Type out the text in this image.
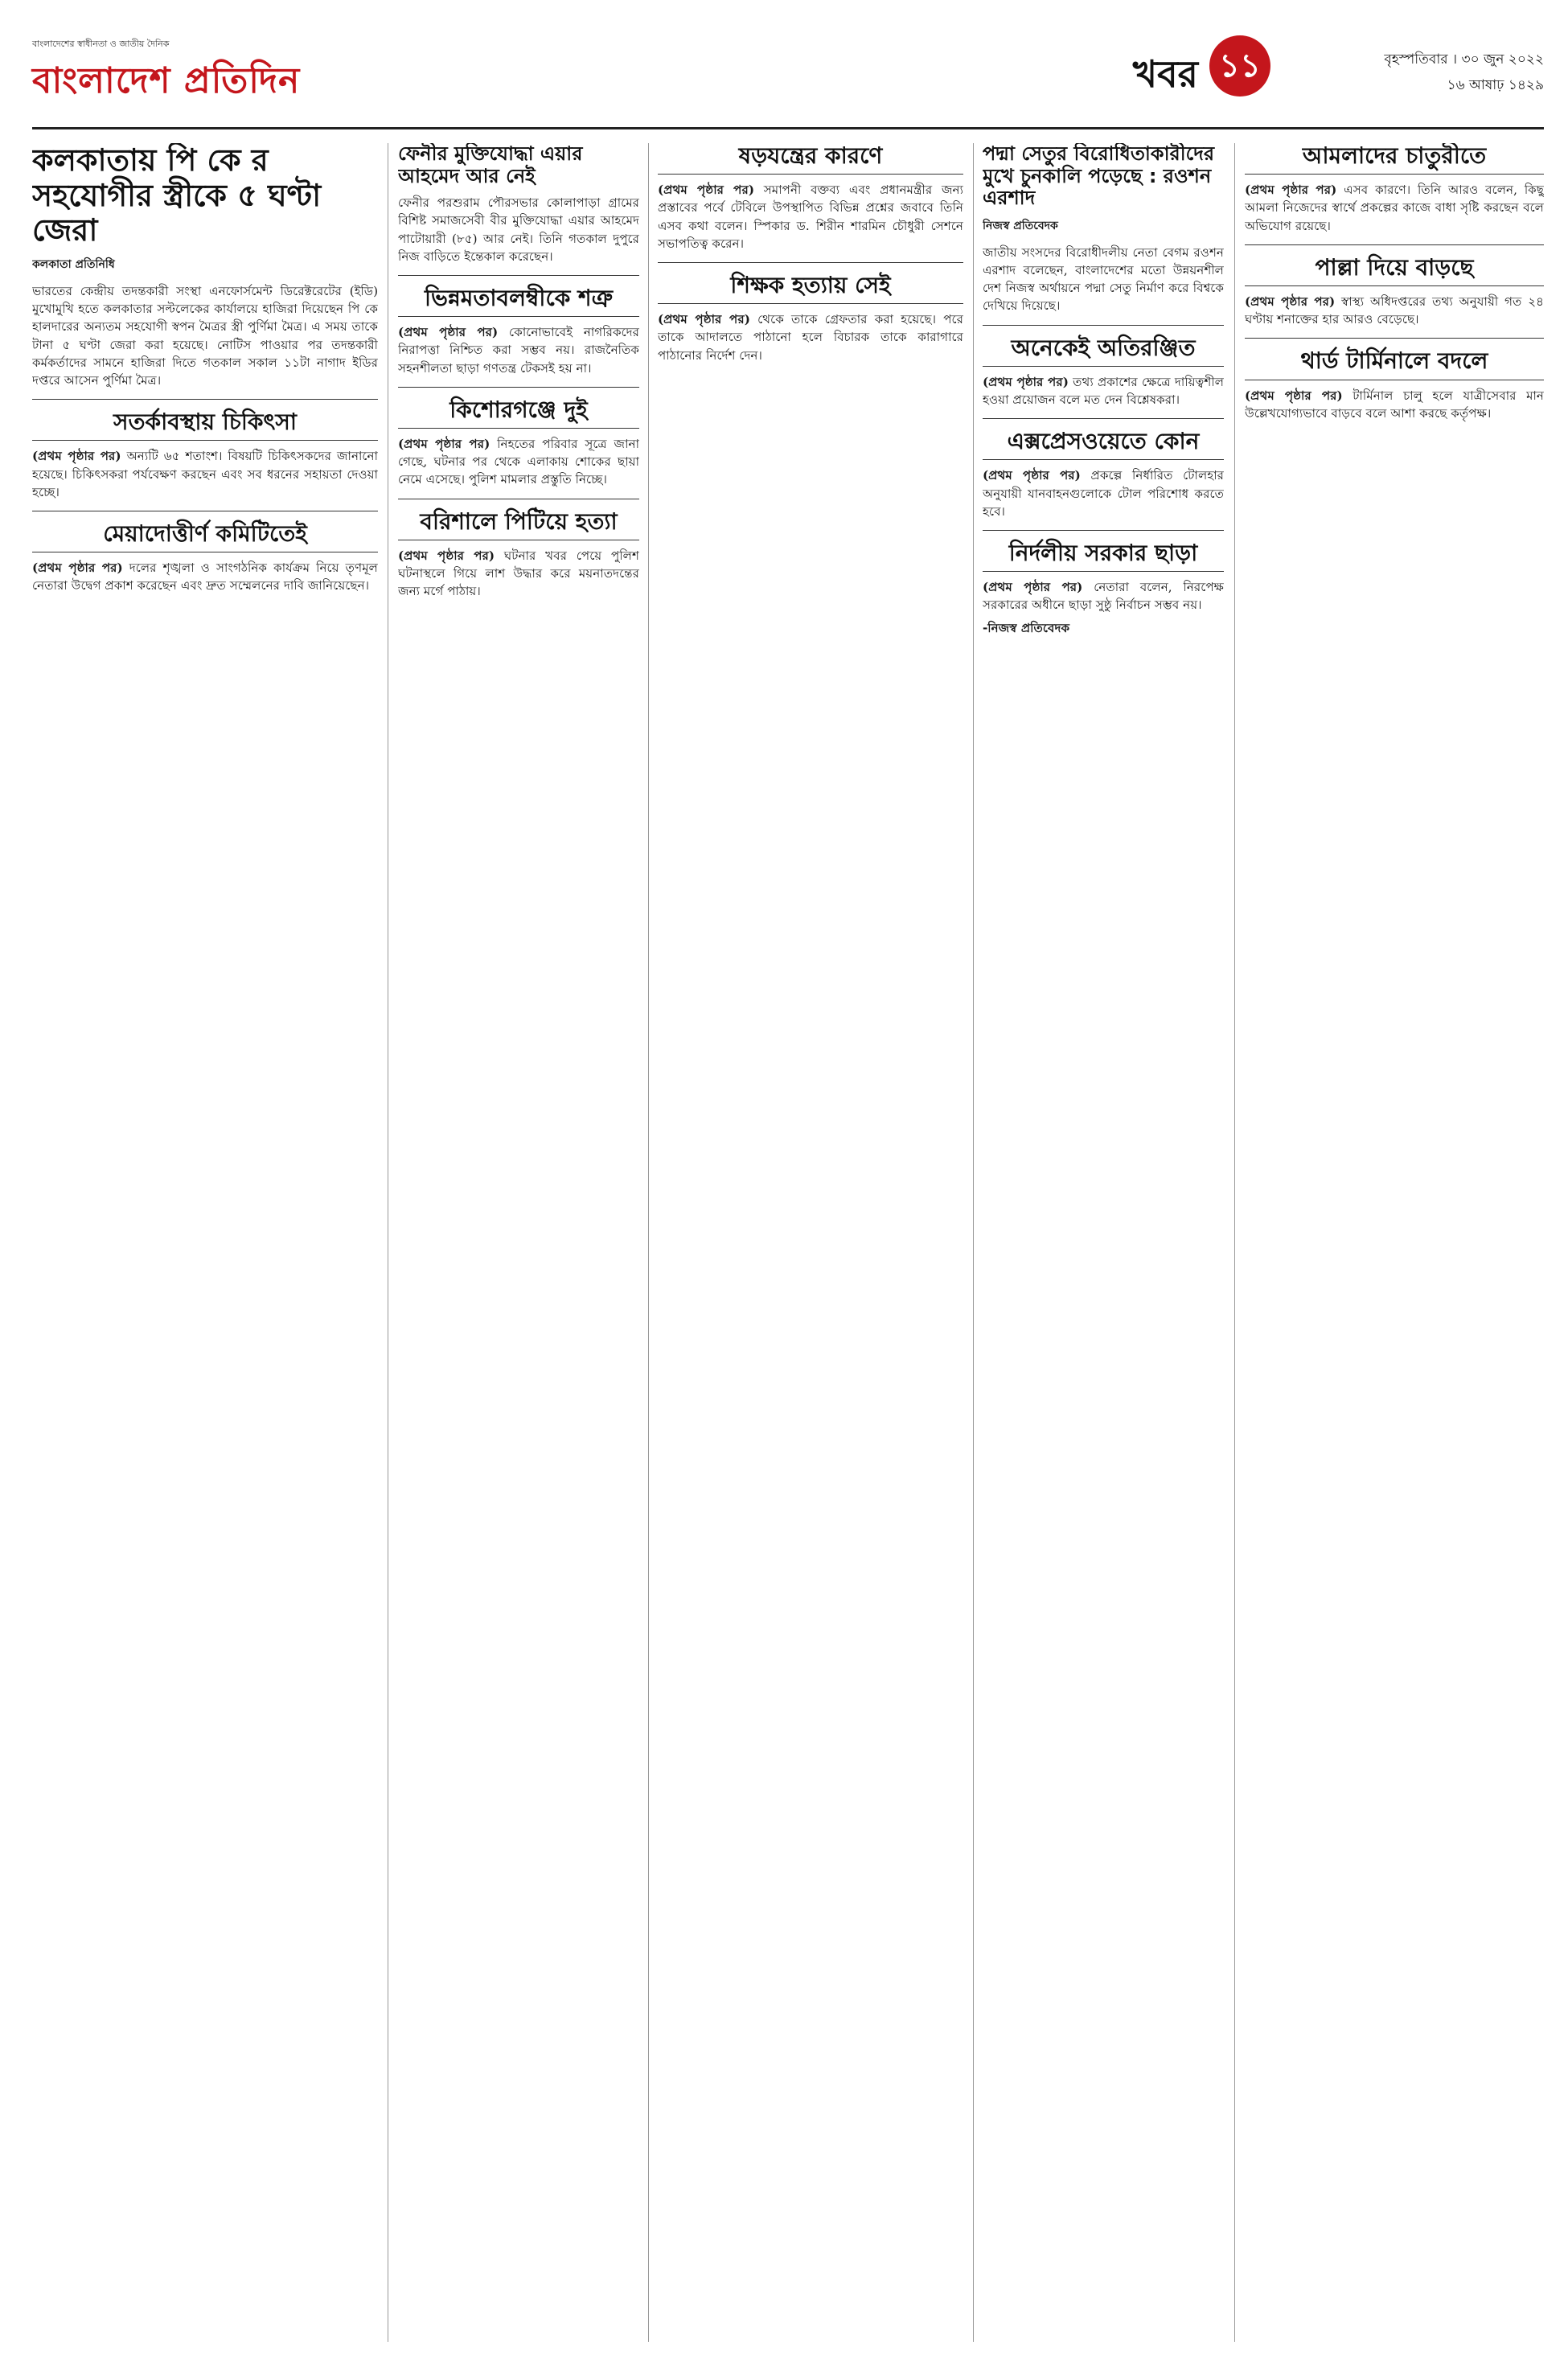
বাংলাদেশের স্বাধীনতা ও জাতীয় দৈনিক
বাংলাদেশ প্রতিদিন	খবর ১১	বৃহস্পতিবার । ৩০ জুন ২০২২
১৬ আষাঢ় ১৪২৯
কলকাতায় পি কে র সহযোগীর স্ত্রীকে ৫ ঘণ্টা জেরা
কলকাতা প্রতিনিধি

ভারতের কেন্দ্রীয় তদন্তকারী সংস্থা এনফোর্সমেন্ট ডিরেক্টরেটের (ইডি) মুখোমুখি হতে কলকাতার সল্টলেকের কার্যালয়ে হাজিরা দিয়েছেন পি কে হালদারের অন্যতম সহযোগী স্বপন মৈত্রর স্ত্রী পুর্ণিমা মৈত্র। এ সময় তাকে টানা ৫ ঘণ্টা জেরা করা হয়েছে। নোটিস পাওয়ার পর তদন্তকারী কর্মকর্তাদের সামনে হাজিরা দিতে গতকাল সকাল ১১টা নাগাদ ইডির দপ্তরে আসেন পুর্ণিমা মৈত্র।

সতর্কাবস্থায় চিকিৎসা

(প্রথম পৃষ্ঠার পর) অন্যটি ৬৫ শতাংশ। বিষয়টি চিকিৎসকদের জানানো হয়েছে। চিকিৎসকরা পর্যবেক্ষণ করছেন এবং সব ধরনের সহায়তা দেওয়া হচ্ছে।

মেয়াদোত্তীর্ণ কমিটিতেই

(প্রথম পৃষ্ঠার পর) দলের শৃঙ্খলা ও সাংগঠনিক কার্যক্রম নিয়ে তৃণমূল নেতারা উদ্বেগ প্রকাশ করেছেন এবং দ্রুত সম্মেলনের দাবি জানিয়েছেন।

ফেনীর মুক্তিযোদ্ধা এয়ার আহমেদ আর নেই

ফেনীর পরশুরাম পৌরসভার কোলাপাড়া গ্রামের বিশিষ্ট সমাজসেবী বীর মুক্তিযোদ্ধা এয়ার আহমেদ পাটোয়ারী (৮৫) আর নেই। তিনি গতকাল দুপুরে নিজ বাড়িতে ইন্তেকাল করেছেন।

ভিন্নমতাবলম্বীকে শত্রু

(প্রথম পৃষ্ঠার পর) কোনোভাবেই নাগরিকদের নিরাপত্তা নিশ্চিত করা সম্ভব নয়। রাজনৈতিক সহনশীলতা ছাড়া গণতন্ত্র টেকসই হয় না।

কিশোরগঞ্জে দুই

(প্রথম পৃষ্ঠার পর) নিহতের পরিবার সূত্রে জানা গেছে, ঘটনার পর থেকে এলাকায় শোকের ছায়া নেমে এসেছে। পুলিশ মামলার প্রস্তুতি নিচ্ছে।

বরিশালে পিটিয়ে হত্যা

(প্রথম পৃষ্ঠার পর) ঘটনার খবর পেয়ে পুলিশ ঘটনাস্থলে গিয়ে লাশ উদ্ধার করে ময়নাতদন্তের জন্য মর্গে পাঠায়।

ষড়যন্ত্রের কারণে

(প্রথম পৃষ্ঠার পর) সমাপনী বক্তব্য এবং প্রধানমন্ত্রীর জন্য প্রস্তাবের পর্বে টেবিলে উপস্থাপিত বিভিন্ন প্রশ্নের জবাবে তিনি এসব কথা বলেন। স্পিকার ড. শিরীন শারমিন চৌধুরী সেশনে সভাপতিত্ব করেন।

শিক্ষক হত্যায় সেই

(প্রথম পৃষ্ঠার পর) থেকে তাকে গ্রেফতার করা হয়েছে। পরে তাকে আদালতে পাঠানো হলে বিচারক তাকে কারাগারে পাঠানোর নির্দেশ দেন।

পদ্মা সেতুর বিরোধিতাকারীদের মুখে চুনকালি পড়েছে : রওশন এরশাদ
নিজস্ব প্রতিবেদক

জাতীয় সংসদের বিরোধীদলীয় নেতা বেগম রওশন এরশাদ বলেছেন, বাংলাদেশের মতো উন্নয়নশীল দেশ নিজস্ব অর্থায়নে পদ্মা সেতু নির্মাণ করে বিশ্বকে দেখিয়ে দিয়েছে।

অনেকেই অতিরঞ্জিত

(প্রথম পৃষ্ঠার পর) তথ্য প্রকাশের ক্ষেত্রে দায়িত্বশীল হওয়া প্রয়োজন বলে মত দেন বিশ্লেষকরা।

এক্সপ্রেসওয়েতে কোন

(প্রথম পৃষ্ঠার পর) প্রকল্পে নির্ধারিত টোলহার অনুযায়ী যানবাহনগুলোকে টোল পরিশোধ করতে হবে।

নির্দলীয় সরকার ছাড়া

(প্রথম পৃষ্ঠার পর) নেতারা বলেন, নিরপেক্ষ সরকারের অধীনে ছাড়া সুষ্ঠু নির্বাচন সম্ভব নয়।

-নিজস্ব প্রতিবেদক

আমলাদের চাতুরীতে

(প্রথম পৃষ্ঠার পর) এসব কারণে। তিনি আরও বলেন, কিছু আমলা নিজেদের স্বার্থে প্রকল্পের কাজে বাধা সৃষ্টি করছেন বলে অভিযোগ রয়েছে।

পাল্লা দিয়ে বাড়ছে

(প্রথম পৃষ্ঠার পর) স্বাস্থ্য অধিদপ্তরের তথ্য অনুযায়ী গত ২৪ ঘণ্টায় শনাক্তের হার আরও বেড়েছে।

থার্ড টার্মিনালে বদলে

(প্রথম পৃষ্ঠার পর) টার্মিনাল চালু হলে যাত্রীসেবার মান উল্লেখযোগ্যভাবে বাড়বে বলে আশা করছে কর্তৃপক্ষ।
